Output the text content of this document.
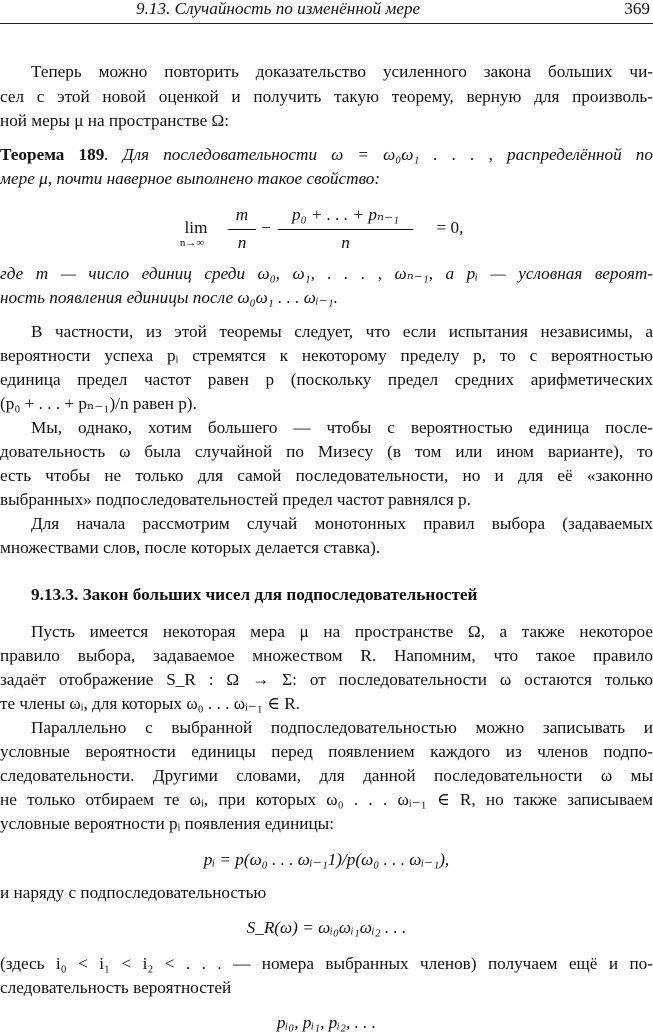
9.13. Случайность по изменённой мере	369
Теперь можно повторить доказательство усиленного закона больших чи-
сел с этой новой оценкой и получить такую теорему, верную для произволь-
ной меры μ на пространстве Ω:
Теорема 189. Для последовательности ω = ω₀ω₁ . . . , распределённой по
мере μ, почти наверное выполнено такое свойство:
lim
n→∞
m
n
−
p₀ + . . . + pₙ₋₁
n
= 0,
где m — число единиц среди ω₀, ω₁, . . . , ωₙ₋₁, а pᵢ — условная вероят-
ность появления единицы после ω₀ω₁ . . . ωᵢ₋₁.
В частности, из этой теоремы следует, что если испытания независимы, а
вероятности успеха pᵢ стремятся к некоторому пределу p, то с вероятностью
единица предел частот равен p (поскольку предел средних арифметических
(p₀ + . . . + pₙ₋₁)/n равен p).
Мы, однако, хотим большего — чтобы с вероятностью единица после-
довательность ω была случайной по Мизесу (в том или ином варианте), то
есть чтобы не только для самой последовательности, но и для её «законно
выбранных» подпоследовательностей предел частот равнялся p.
Для начала рассмотрим случай монотонных правил выбора (задаваемых
множествами слов, после которых делается ставка).
9.13.3. Закон больших чисел для подпоследовательностей
Пусть имеется некоторая мера μ на пространстве Ω, а также некоторое
правило выбора, задаваемое множеством R. Напомним, что такое правило
задаёт отображение S_R : Ω → Σ: от последовательности ω остаются только
те члены ωᵢ, для которых ω₀ . . . ωᵢ₋₁ ∈ R.
Параллельно с выбранной подпоследовательностью можно записывать и
условные вероятности единицы перед появлением каждого из членов подпо-
следовательности. Другими словами, для данной последовательности ω мы
не только отбираем те ωᵢ, при которых ω₀ . . . ωᵢ₋₁ ∈ R, но также записываем
условные вероятности pᵢ появления единицы:
pᵢ = p(ω₀ . . . ωᵢ₋₁1)/p(ω₀ . . . ωᵢ₋₁),
и наряду с подпоследовательностью
S_R(ω) = ωᵢ₀ωᵢ₁ωᵢ₂ . . .
(здесь i₀ < i₁ < i₂ < . . . — номера выбранных членов) получаем ещё и по-
следовательность вероятностей
pᵢ₀, pᵢ₁, pᵢ₂, . . .
